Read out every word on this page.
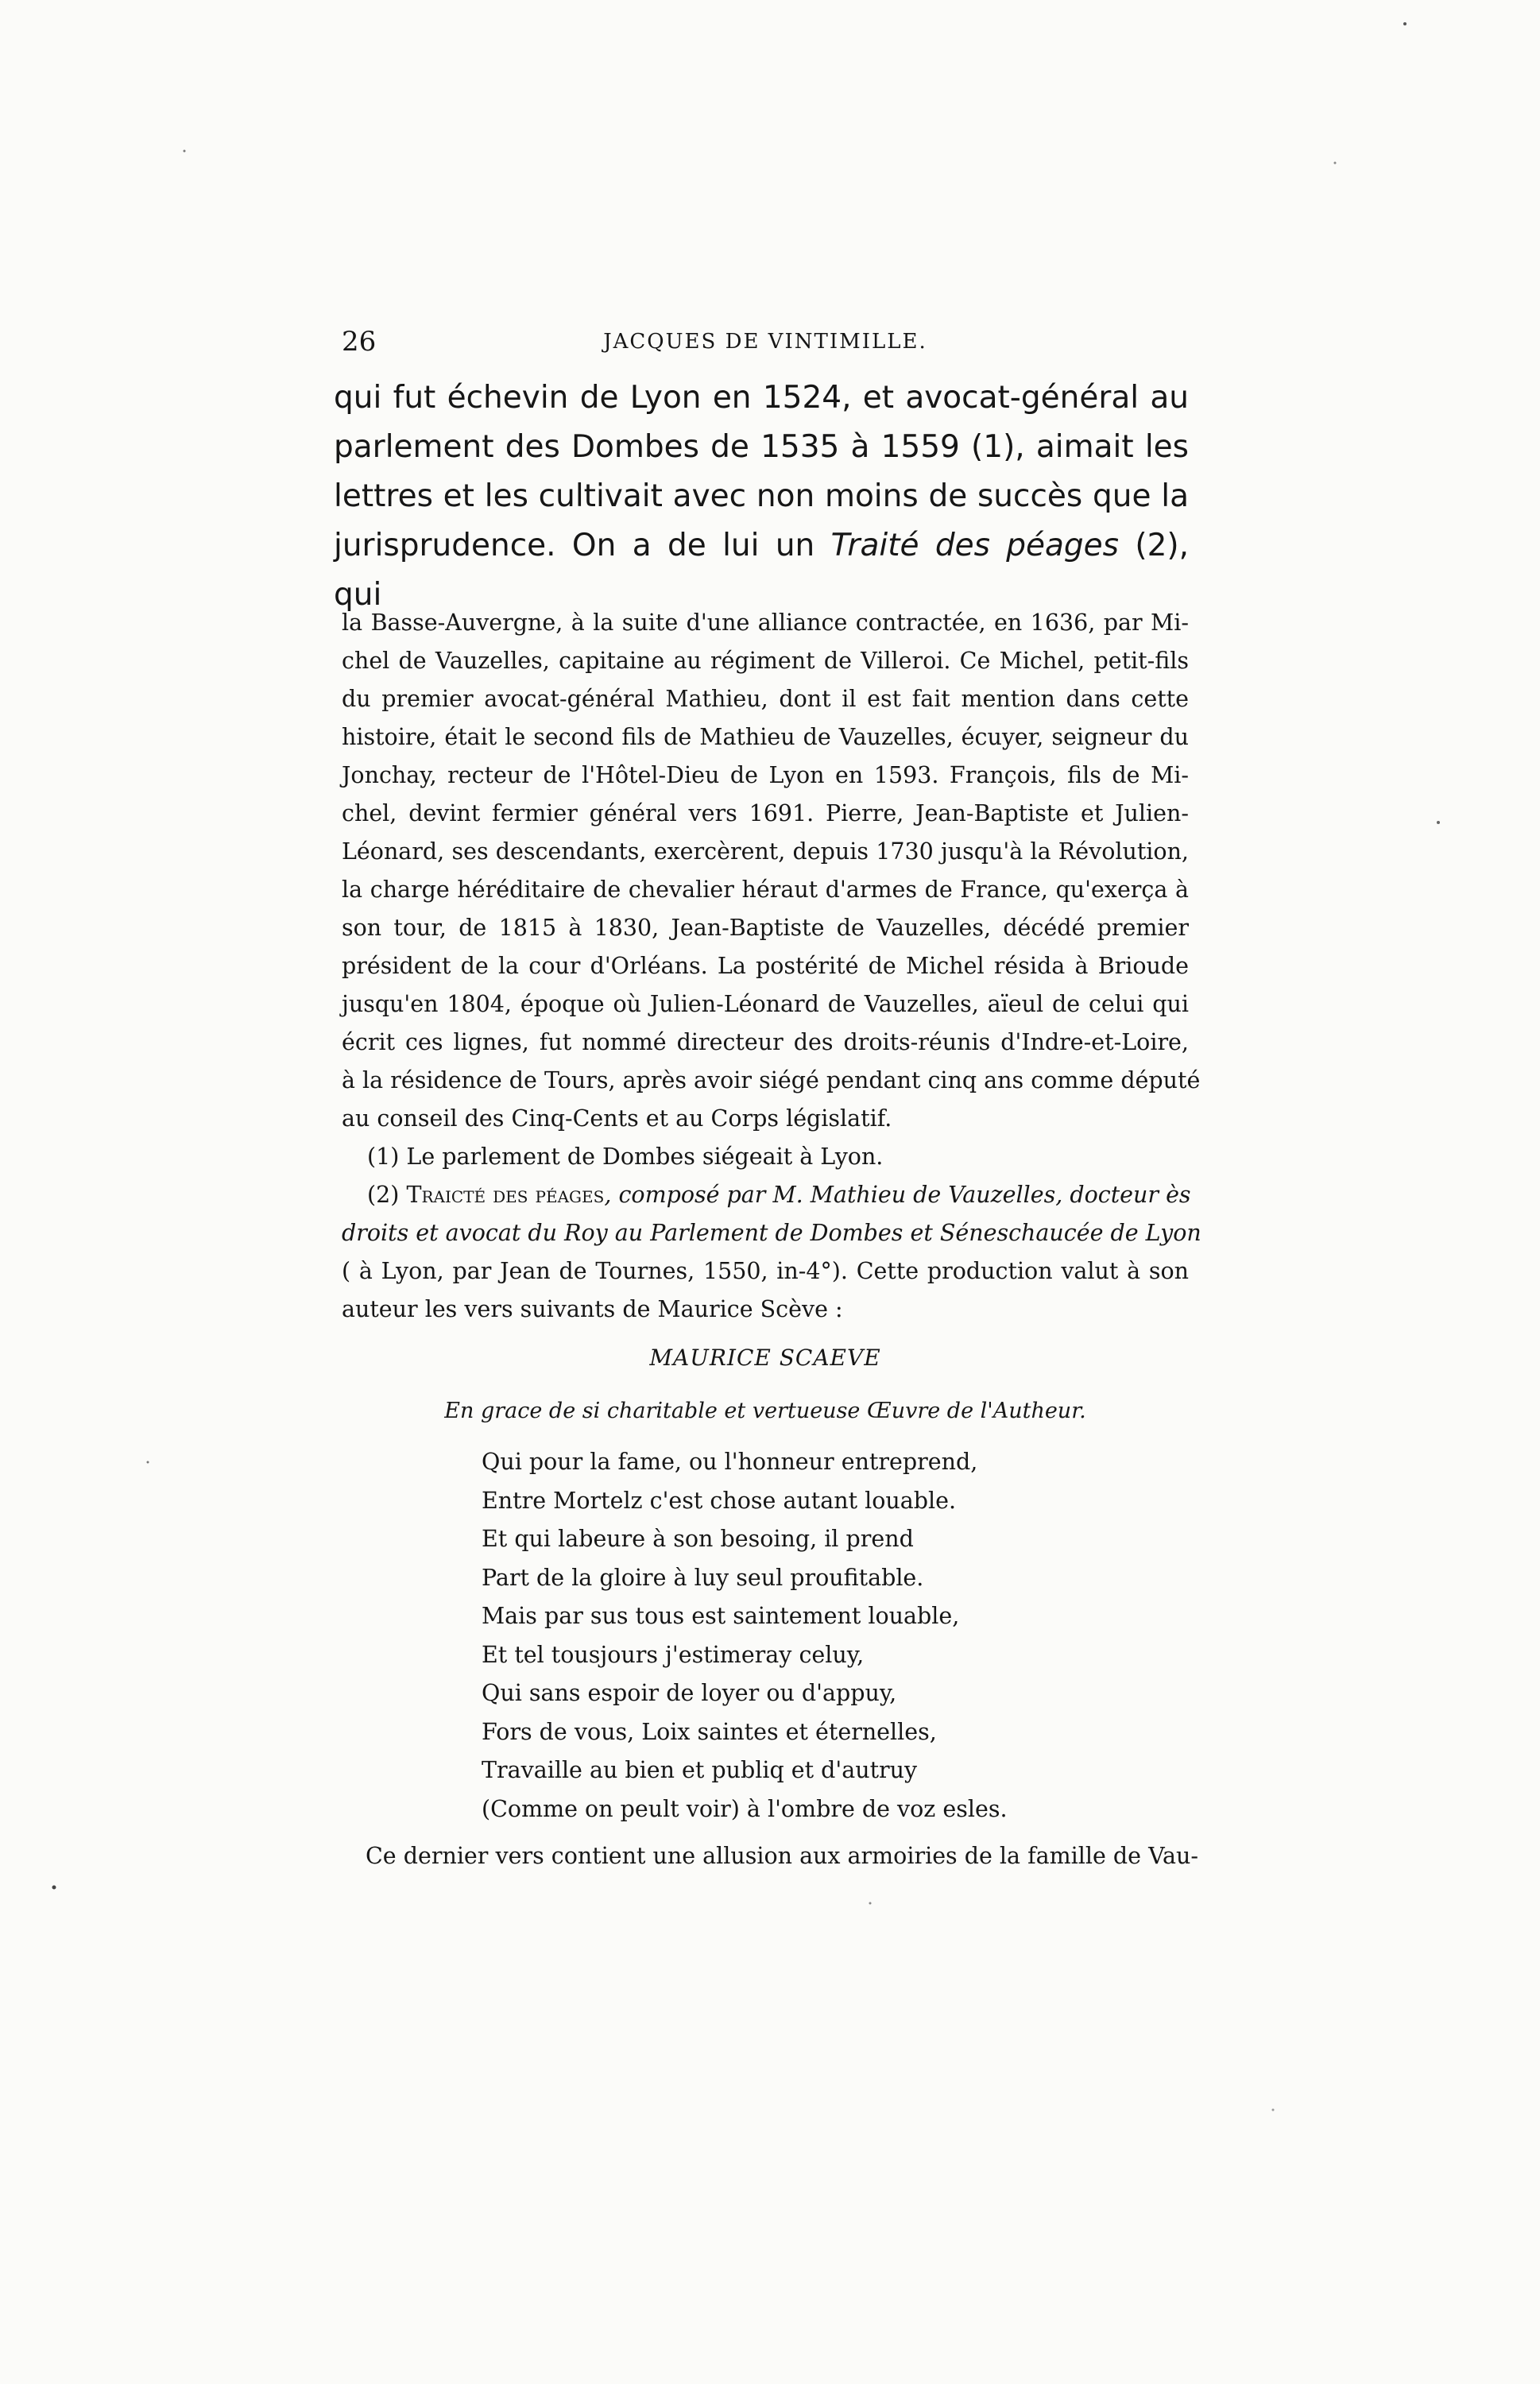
26	JACQUES DE VINTIMILLE.
qui fut échevin de Lyon en 1524, et avocat-général au
parlement des Dombes de 1535 à 1559 (1), aimait les
lettres et les cultivait avec non moins de succès que la
jurisprudence. On a de lui un Traité des péages (2), qui
la Basse-Auvergne, à la suite d'une alliance contractée, en 1636, par Mi-
chel de Vauzelles, capitaine au régiment de Villeroi. Ce Michel, petit-fils
du premier avocat-général Mathieu, dont il est fait mention dans cette
histoire, était le second fils de Mathieu de Vauzelles, écuyer, seigneur du
Jonchay, recteur de l'Hôtel-Dieu de Lyon en 1593. François, fils de Mi-
chel, devint fermier général vers 1691. Pierre, Jean-Baptiste et Julien-
Léonard, ses descendants, exercèrent, depuis 1730 jusqu'à la Révolution,
la charge héréditaire de chevalier héraut d'armes de France, qu'exerça à
son tour, de 1815 à 1830, Jean-Baptiste de Vauzelles, décédé premier
président de la cour d'Orléans. La postérité de Michel résida à Brioude
jusqu'en 1804, époque où Julien-Léonard de Vauzelles, aïeul de celui qui
écrit ces lignes, fut nommé directeur des droits-réunis d'Indre-et-Loire,
à la résidence de Tours, après avoir siégé pendant cinq ans comme député
au conseil des Cinq-Cents et au Corps législatif.
(1) Le parlement de Dombes siégeait à Lyon.
(2) Traicté des péages, composé par M. Mathieu de Vauzelles, docteur ès
droits et avocat du Roy au Parlement de Dombes et Séneschaucée de Lyon
( à Lyon, par Jean de Tournes, 1550, in-4°). Cette production valut à son
auteur les vers suivants de Maurice Scève :
MAURICE SCAEVE
En grace de si charitable et vertueuse Œuvre de l'Autheur.
Qui pour la fame, ou l'honneur entreprend,
Entre Mortelz c'est chose autant louable.
Et qui labeure à son besoing, il prend
Part de la gloire à luy seul proufitable.
Mais par sus tous est saintement louable,
Et tel tousjours j'estimeray celuy,
Qui sans espoir de loyer ou d'appuy,
Fors de vous, Loix saintes et éternelles,
Travaille au bien et publiq et d'autruy
(Comme on peult voir) à l'ombre de voz esles.
Ce dernier vers contient une allusion aux armoiries de la famille de Vau-
